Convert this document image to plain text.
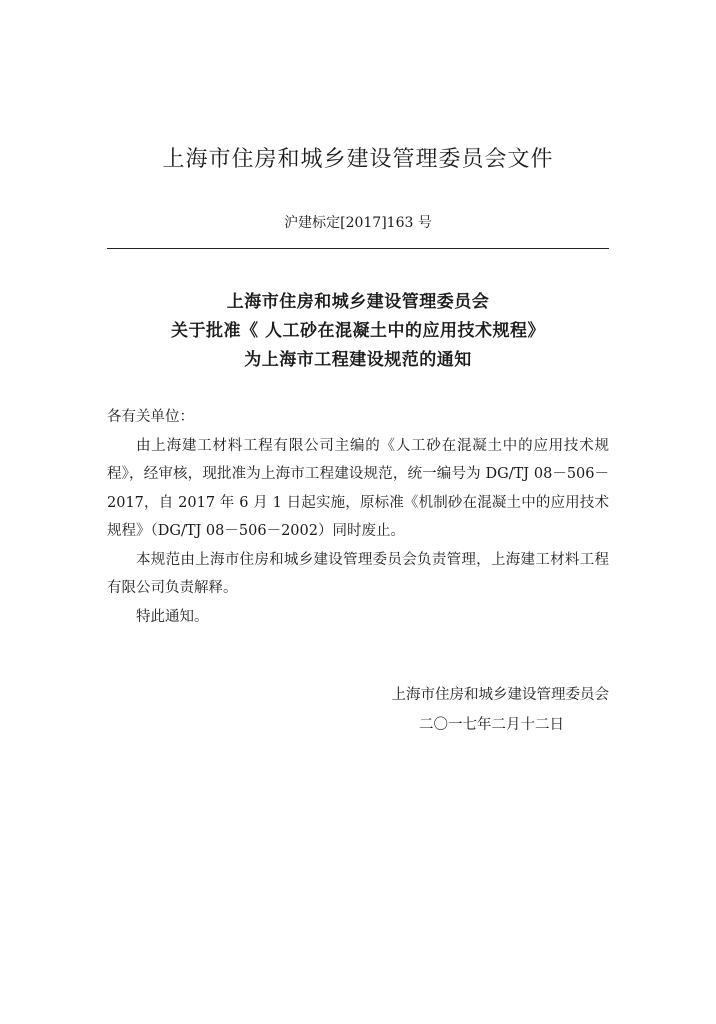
上海市住房和城乡建设管理委员会文件
沪建标定[2017]163 号
上海市住房和城乡建设管理委员会
关于批准《 人工砂在混凝土中的应用技术规程》
为上海市工程建设规范的通知

各有关单位：

由上海建工材料工程有限公司主编的《人工砂在混凝土中的应用技术规程》，经审核，现批准为上海市工程建设规范，统一编号为 DG/TJ 08－506－2017，自 2017 年 6 月 1 日起实施，原标准《机制砂在混凝土中的应用技术规程》（DG/TJ 08－506－2002）同时废止。

本规范由上海市住房和城乡建设管理委员会负责管理，上海建工材料工程有限公司负责解释。

特此通知。

上海市住房和城乡建设管理委员会
二〇一七年二月十二日
